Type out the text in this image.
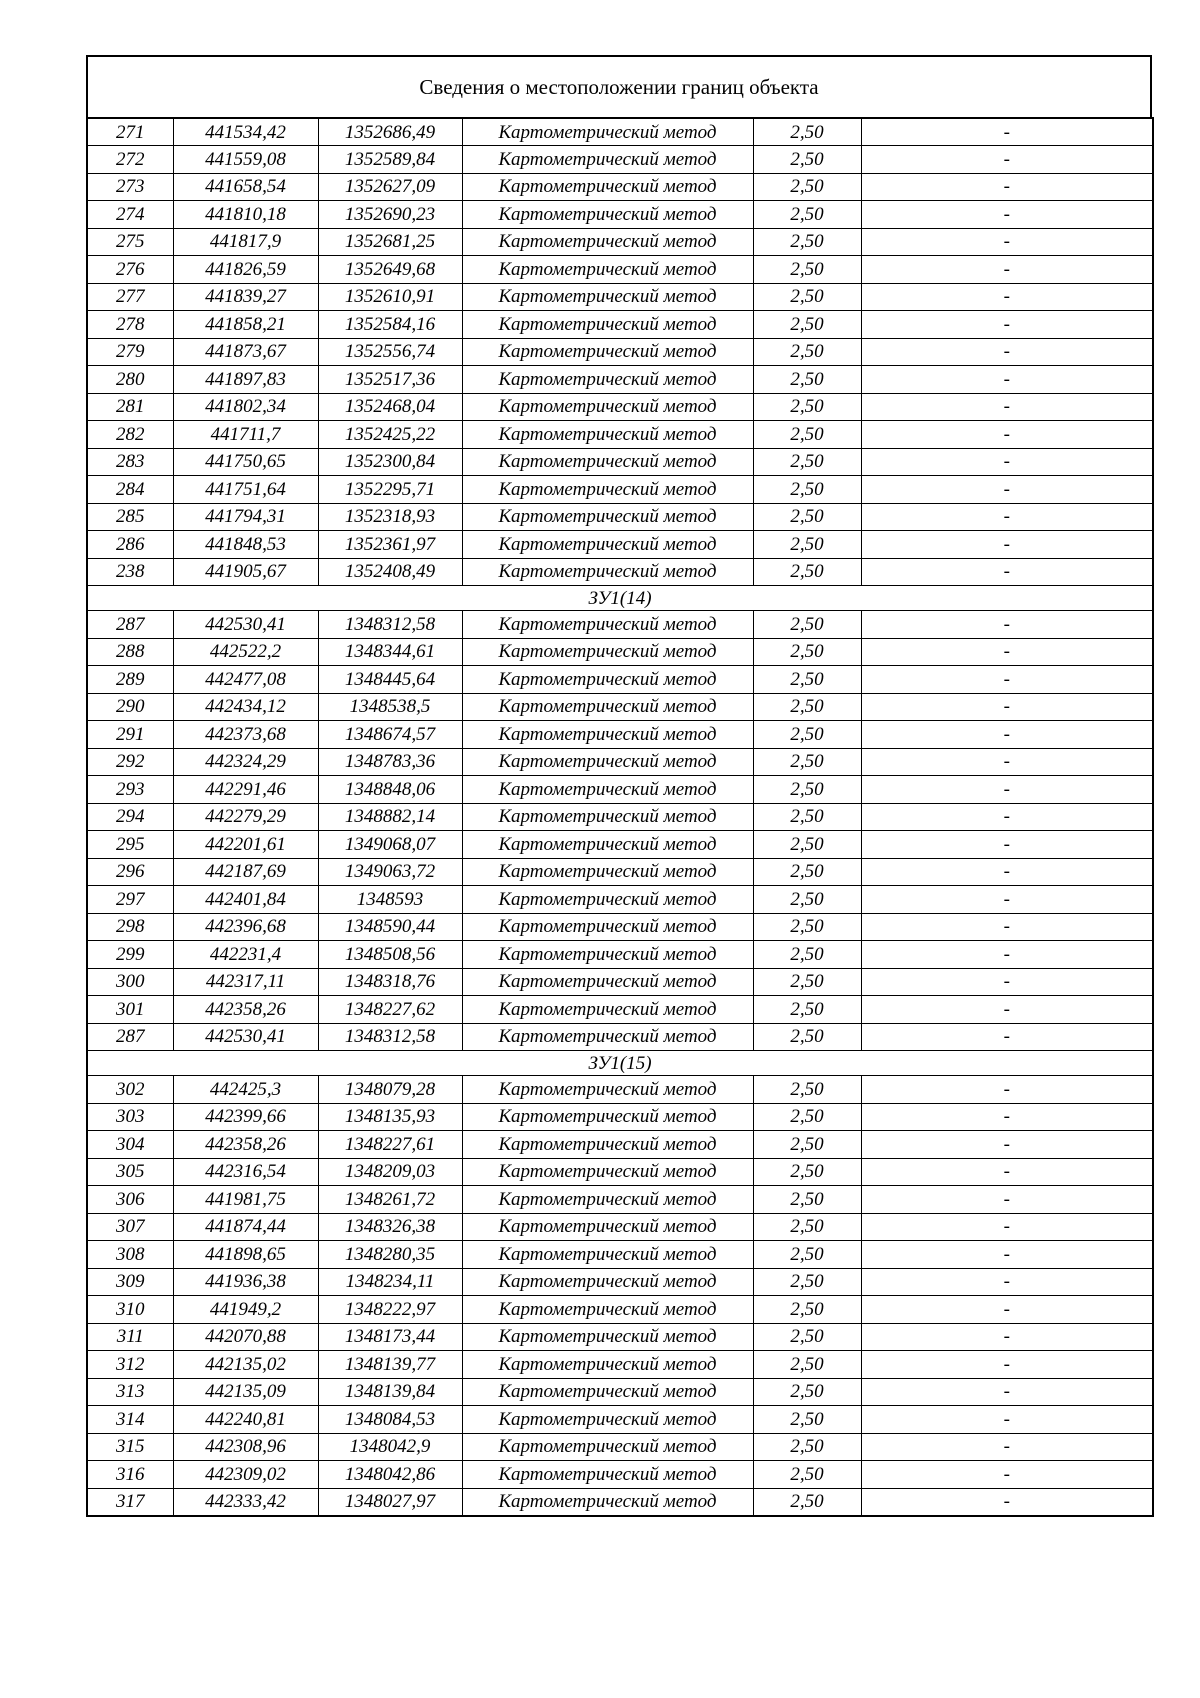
Сведения о местоположении границ объекта
271	441534,42	1352686,49	Картометрический метод	2,50	-
272	441559,08	1352589,84	Картометрический метод	2,50	-
273	441658,54	1352627,09	Картометрический метод	2,50	-
274	441810,18	1352690,23	Картометрический метод	2,50	-
275	441817,9	1352681,25	Картометрический метод	2,50	-
276	441826,59	1352649,68	Картометрический метод	2,50	-
277	441839,27	1352610,91	Картометрический метод	2,50	-
278	441858,21	1352584,16	Картометрический метод	2,50	-
279	441873,67	1352556,74	Картометрический метод	2,50	-
280	441897,83	1352517,36	Картометрический метод	2,50	-
281	441802,34	1352468,04	Картометрический метод	2,50	-
282	441711,7	1352425,22	Картометрический метод	2,50	-
283	441750,65	1352300,84	Картометрический метод	2,50	-
284	441751,64	1352295,71	Картометрический метод	2,50	-
285	441794,31	1352318,93	Картометрический метод	2,50	-
286	441848,53	1352361,97	Картометрический метод	2,50	-
238	441905,67	1352408,49	Картометрический метод	2,50	-
ЗУ1(14)					
287	442530,41	1348312,58	Картометрический метод	2,50	-
288	442522,2	1348344,61	Картометрический метод	2,50	-
289	442477,08	1348445,64	Картометрический метод	2,50	-
290	442434,12	1348538,5	Картометрический метод	2,50	-
291	442373,68	1348674,57	Картометрический метод	2,50	-
292	442324,29	1348783,36	Картометрический метод	2,50	-
293	442291,46	1348848,06	Картометрический метод	2,50	-
294	442279,29	1348882,14	Картометрический метод	2,50	-
295	442201,61	1349068,07	Картометрический метод	2,50	-
296	442187,69	1349063,72	Картометрический метод	2,50	-
297	442401,84	1348593	Картометрический метод	2,50	-
298	442396,68	1348590,44	Картометрический метод	2,50	-
299	442231,4	1348508,56	Картометрический метод	2,50	-
300	442317,11	1348318,76	Картометрический метод	2,50	-
301	442358,26	1348227,62	Картометрический метод	2,50	-
287	442530,41	1348312,58	Картометрический метод	2,50	-
ЗУ1(15)					
302	442425,3	1348079,28	Картометрический метод	2,50	-
303	442399,66	1348135,93	Картометрический метод	2,50	-
304	442358,26	1348227,61	Картометрический метод	2,50	-
305	442316,54	1348209,03	Картометрический метод	2,50	-
306	441981,75	1348261,72	Картометрический метод	2,50	-
307	441874,44	1348326,38	Картометрический метод	2,50	-
308	441898,65	1348280,35	Картометрический метод	2,50	-
309	441936,38	1348234,11	Картометрический метод	2,50	-
310	441949,2	1348222,97	Картометрический метод	2,50	-
311	442070,88	1348173,44	Картометрический метод	2,50	-
312	442135,02	1348139,77	Картометрический метод	2,50	-
313	442135,09	1348139,84	Картометрический метод	2,50	-
314	442240,81	1348084,53	Картометрический метод	2,50	-
315	442308,96	1348042,9	Картометрический метод	2,50	-
316	442309,02	1348042,86	Картометрический метод	2,50	-
317	442333,42	1348027,97	Картометрический метод	2,50	-
